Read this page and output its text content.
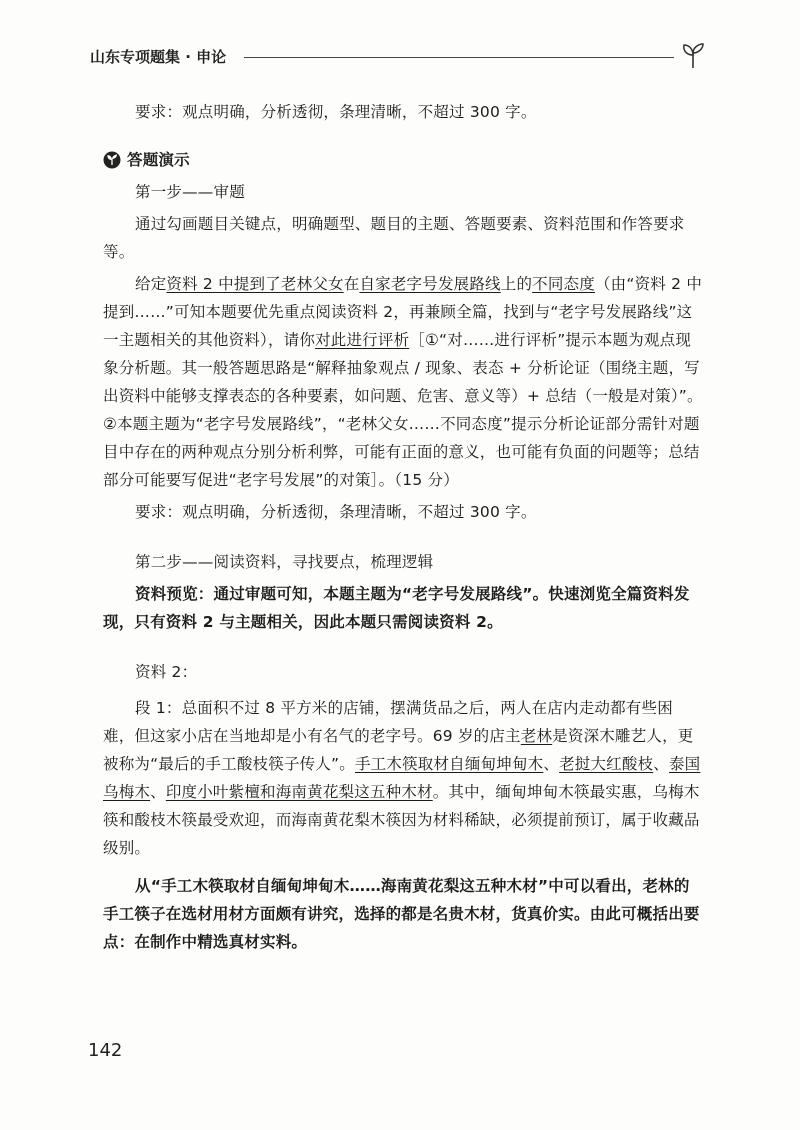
山东专项题集 · 申论

要求：观点明确，分析透彻，条理清晰，不超过 300 字。

答题演示

第一步——审题

通过勾画题目关键点，明确题型、题目的主题、答题要素、资料范围和作答要求等。

给定资料 2 中提到了老林父女在自家老字号发展路线上的不同态度（由“资料 2 中提到……”可知本题要优先重点阅读资料 2，再兼顾全篇，找到与“老字号发展路线”这一主题相关的其他资料），请你对此进行评析［①“对……进行评析”提示本题为观点现象分析题。其一般答题思路是“解释抽象观点 / 现象、表态 + 分析论证（围绕主题，写出资料中能够支撑表态的各种要素，如问题、危害、意义等）+ 总结（一般是对策）”。②本题主题为“老字号发展路线”，“老林父女……不同态度”提示分析论证部分需针对题目中存在的两种观点分别分析利弊，可能有正面的意义，也可能有负面的问题等；总结部分可能要写促进“老字号发展”的对策］。（15 分）

要求：观点明确，分析透彻，条理清晰，不超过 300 字。

第二步——阅读资料，寻找要点，梳理逻辑

资料预览：通过审题可知，本题主题为“老字号发展路线”。快速浏览全篇资料发现，只有资料 2 与主题相关，因此本题只需阅读资料 2。

资料 2：

段 1：总面积不过 8 平方米的店铺，摆满货品之后，两人在店内走动都有些困难，但这家小店在当地却是小有名气的老字号。69 岁的店主老林是资深木雕艺人，更被称为“最后的手工酸枝筷子传人”。手工木筷取材自缅甸坤甸木、老挝大红酸枝、泰国乌梅木、印度小叶紫檀和海南黄花梨这五种木材。其中，缅甸坤甸木筷最实惠，乌梅木筷和酸枝木筷最受欢迎，而海南黄花梨木筷因为材料稀缺，必须提前预订，属于收藏品级别。

从“手工木筷取材自缅甸坤甸木……海南黄花梨这五种木材”中可以看出，老林的手工筷子在选材用材方面颇有讲究，选择的都是名贵木材，货真价实。由此可概括出要点：在制作中精选真材实料。

142
